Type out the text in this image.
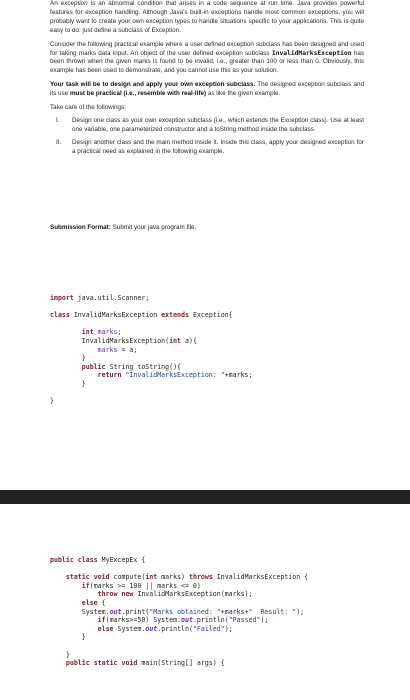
An exception is an abnormal condition that arises in a code sequence at run time. Java provides powerful features for exception handling. Although Java's built-in exceptions handle most common exceptions, you will probably want to create your own exception types to handle situations specific to your applications. This is quite easy to do: just define a subclass of Exception.

Consider the following practical example where a user defined exception subclass has been designed and used for taking marks data input. An object of the user defined exception subclass InvalidMarksException has been thrown when the given marks is found to be invalid, i.e., greater than 100 or less than 0. Obviously, this example has been used to demonstrate, and you cannot use this as your solution.

Your task will be to design and apply your own exception subclass. The designed exception subclass and its use must be practical (i.e., resemble with real-life) as like the given example.

Take care of the followings:

I. Design one class as your own exception subclass (i.e., which extends the Exception class). Use at least one variable, one parameterized constructor and a toString method inside the subclass.
II. Design another class and the main method inside it. Inside this class, apply your designed exception for a practical need as explained in the following example.
Submission Format: Submit your java program file.
import java.util.Scanner;

class InvalidMarksException extends Exception{

int marks;
InvalidMarksException(int a){
marks = a;
}
public String toString(){
return "InvalidMarksException: "+marks;
}

}
public class MyExcepEx {

static void compute(int marks) throws InvalidMarksException {
if(marks >= 100 || marks <= 0)
throw new InvalidMarksException(marks);
else {
System.out.print("Marks obtained: "+marks+"  Result: ");
if(marks>=50) System.out.println("Passed");
else System.out.println("Failed");
}

}
public static void main(String[] args) {
